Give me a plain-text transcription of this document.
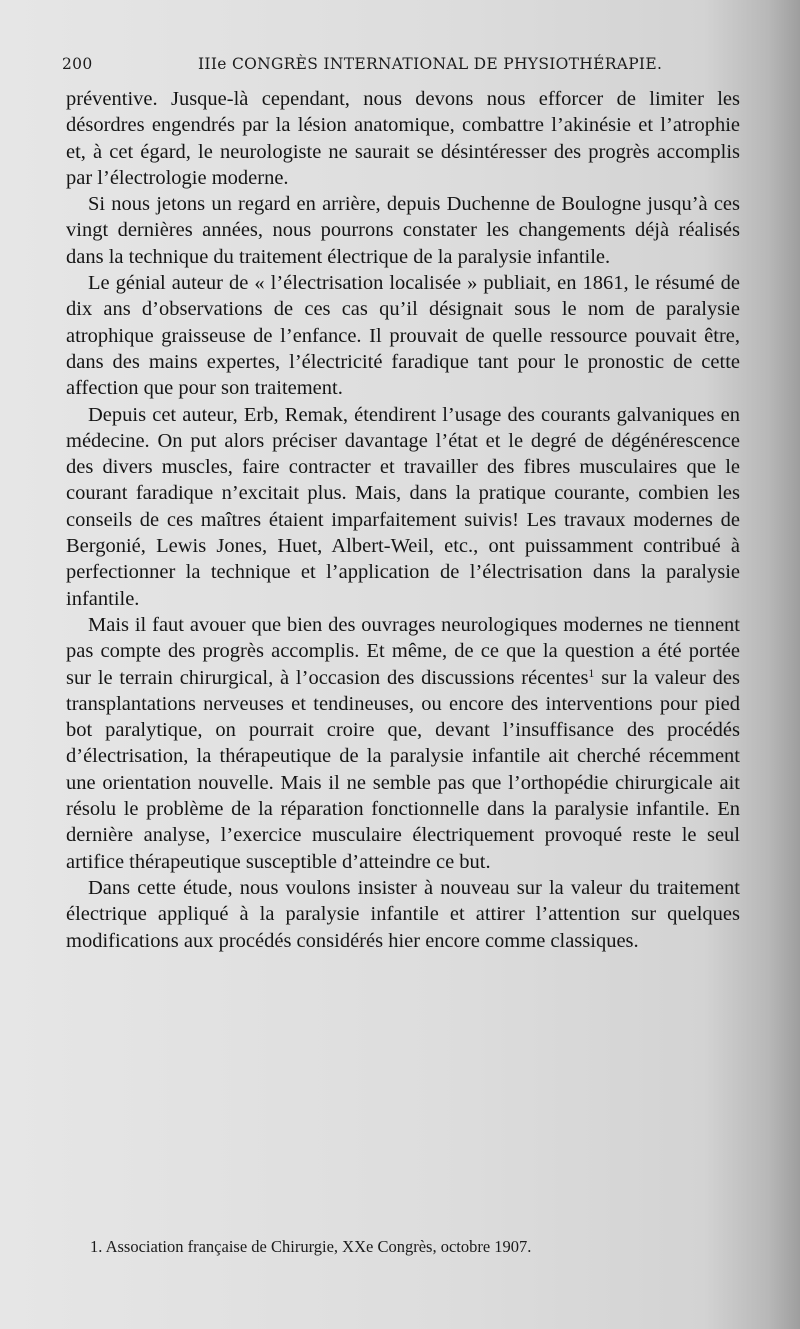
200	IIIe CONGRÈS INTERNATIONAL DE PHYSIOTHÉRAPIE.

préventive. Jusque-là cependant, nous devons nous efforcer de limiter les désordres engendrés par la lésion anatomique, combattre l’akinésie et l’atrophie et, à cet égard, le neurologiste ne saurait se désintéresser des progrès accomplis par l’électrologie moderne.

Si nous jetons un regard en arrière, depuis Duchenne de Boulogne jusqu’à ces vingt dernières années, nous pourrons constater les changements déjà réalisés dans la technique du traitement électrique de la paralysie infantile.

Le génial auteur de « l’électrisation localisée » publiait, en 1861, le résumé de dix ans d’observations de ces cas qu’il désignait sous le nom de paralysie atrophique graisseuse de l’enfance. Il prouvait de quelle ressource pouvait être, dans des mains expertes, l’électricité faradique tant pour le pronostic de cette affection que pour son traitement.

Depuis cet auteur, Erb, Remak, étendirent l’usage des courants galvaniques en médecine. On put alors préciser davantage l’état et le degré de dégénérescence des divers muscles, faire contracter et travailler des fibres musculaires que le courant faradique n’excitait plus. Mais, dans la pratique courante, combien les conseils de ces maîtres étaient imparfaitement suivis! Les travaux modernes de Bergonié, Lewis Jones, Huet, Albert-Weil, etc., ont puissamment contribué à perfectionner la technique et l’application de l’électrisation dans la paralysie infantile.

Mais il faut avouer que bien des ouvrages neurologiques modernes ne tiennent pas compte des progrès accomplis. Et même, de ce que la question a été portée sur le terrain chirurgical, à l’occasion des discussions récentes$^1$ sur la valeur des transplantations nerveuses et tendineuses, ou encore des interventions pour pied bot paralytique, on pourrait croire que, devant l’insuffisance des procédés d’électrisation, la thérapeutique de la paralysie infantile ait cherché récemment une orientation nouvelle. Mais il ne semble pas que l’orthopédie chirurgicale ait résolu le problème de la réparation fonctionnelle dans la paralysie infantile. En dernière analyse, l’exercice musculaire électriquement provoqué reste le seul artifice thérapeutique susceptible d’atteindre ce but.

Dans cette étude, nous voulons insister à nouveau sur la valeur du traitement électrique appliqué à la paralysie infantile et attirer l’attention sur quelques modifications aux procédés considérés hier encore comme classiques.

1. Association française de Chirurgie, XXe Congrès, octobre 1907.
